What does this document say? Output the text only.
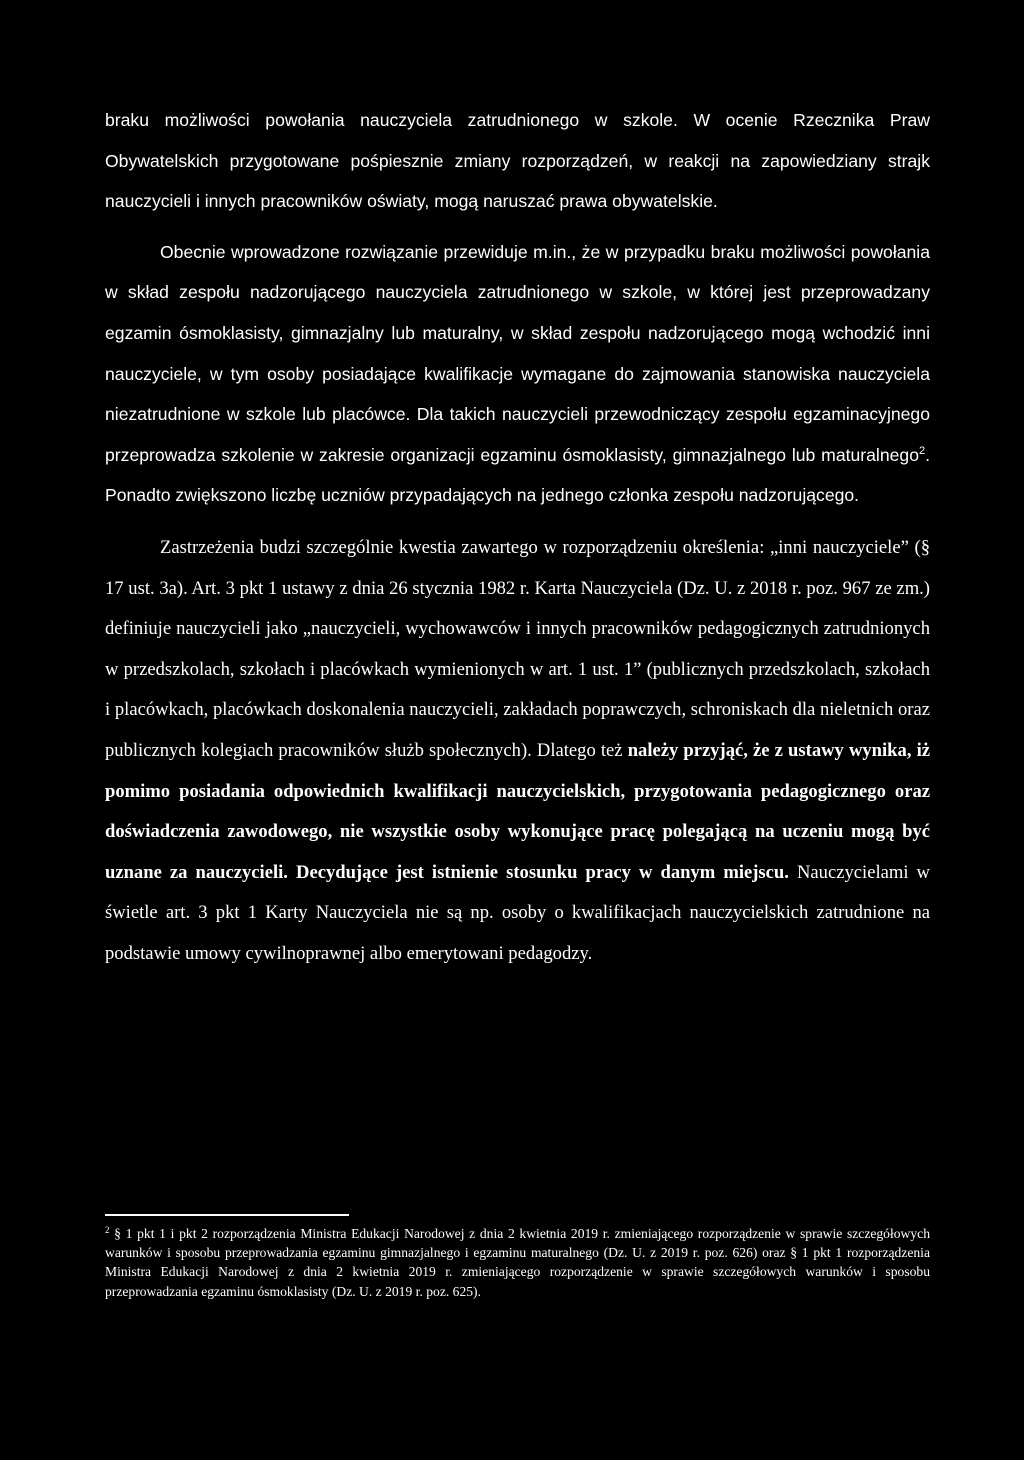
braku możliwości powołania nauczyciela zatrudnionego w szkole. W ocenie Rzecznika Praw Obywatelskich przygotowane pośpiesznie zmiany rozporządzeń, w reakcji na zapowiedziany strajk nauczycieli i innych pracowników oświaty, mogą naruszać prawa obywatelskie.

Obecnie wprowadzone rozwiązanie przewiduje m.in., że w przypadku braku możliwości powołania w skład zespołu nadzorującego nauczyciela zatrudnionego w szkole, w której jest przeprowadzany egzamin ósmoklasisty, gimnazjalny lub maturalny, w skład zespołu nadzorującego mogą wchodzić inni nauczyciele, w tym osoby posiadające kwalifikacje wymagane do zajmowania stanowiska nauczyciela niezatrudnione w szkole lub placówce. Dla takich nauczycieli przewodniczący zespołu egzaminacyjnego przeprowadza szkolenie w zakresie organizacji egzaminu ósmoklasisty, gimnazjalnego lub maturalnego$^2$. Ponadto zwiększono liczbę uczniów przypadających na jednego członka zespołu nadzorującego.

Zastrzeżenia budzi szczególnie kwestia zawartego w rozporządzeniu określenia: „inni nauczyciele” (§ 17 ust. 3a). Art. 3 pkt 1 ustawy z dnia 26 stycznia 1982 r. Karta Nauczyciela (Dz. U. z 2018 r. poz. 967 ze zm.) definiuje nauczycieli jako „nauczycieli, wychowawców i innych pracowników pedagogicznych zatrudnionych w przedszkolach, szkołach i placówkach wymienionych w art. 1 ust. 1” (publicznych przedszkolach, szkołach i placówkach, placówkach doskonalenia nauczycieli, zakładach poprawczych, schroniskach dla nieletnich oraz publicznych kolegiach pracowników służb społecznych). Dlatego też należy przyjąć, że z ustawy wynika, iż pomimo posiadania odpowiednich kwalifikacji nauczycielskich, przygotowania pedagogicznego oraz doświadczenia zawodowego, nie wszystkie osoby wykonujące pracę polegającą na uczeniu mogą być uznane za nauczycieli. Decydujące jest istnienie stosunku pracy w danym miejscu. Nauczycielami w świetle art. 3 pkt 1 Karty Nauczyciela nie są np. osoby o kwalifikacjach nauczycielskich zatrudnione na podstawie umowy cywilnoprawnej albo emerytowani pedagodzy.

$^2$ § 1 pkt 1 i pkt 2 rozporządzenia Ministra Edukacji Narodowej z dnia 2 kwietnia 2019 r. zmieniającego rozporządzenie w sprawie szczegółowych warunków i sposobu przeprowadzania egzaminu gimnazjalnego i egzaminu maturalnego (Dz. U. z 2019 r. poz. 626) oraz § 1 pkt 1 rozporządzenia Ministra Edukacji Narodowej z dnia 2 kwietnia 2019 r. zmieniającego rozporządzenie w sprawie szczegółowych warunków i sposobu przeprowadzania egzaminu ósmoklasisty (Dz. U. z 2019 r. poz. 625).
